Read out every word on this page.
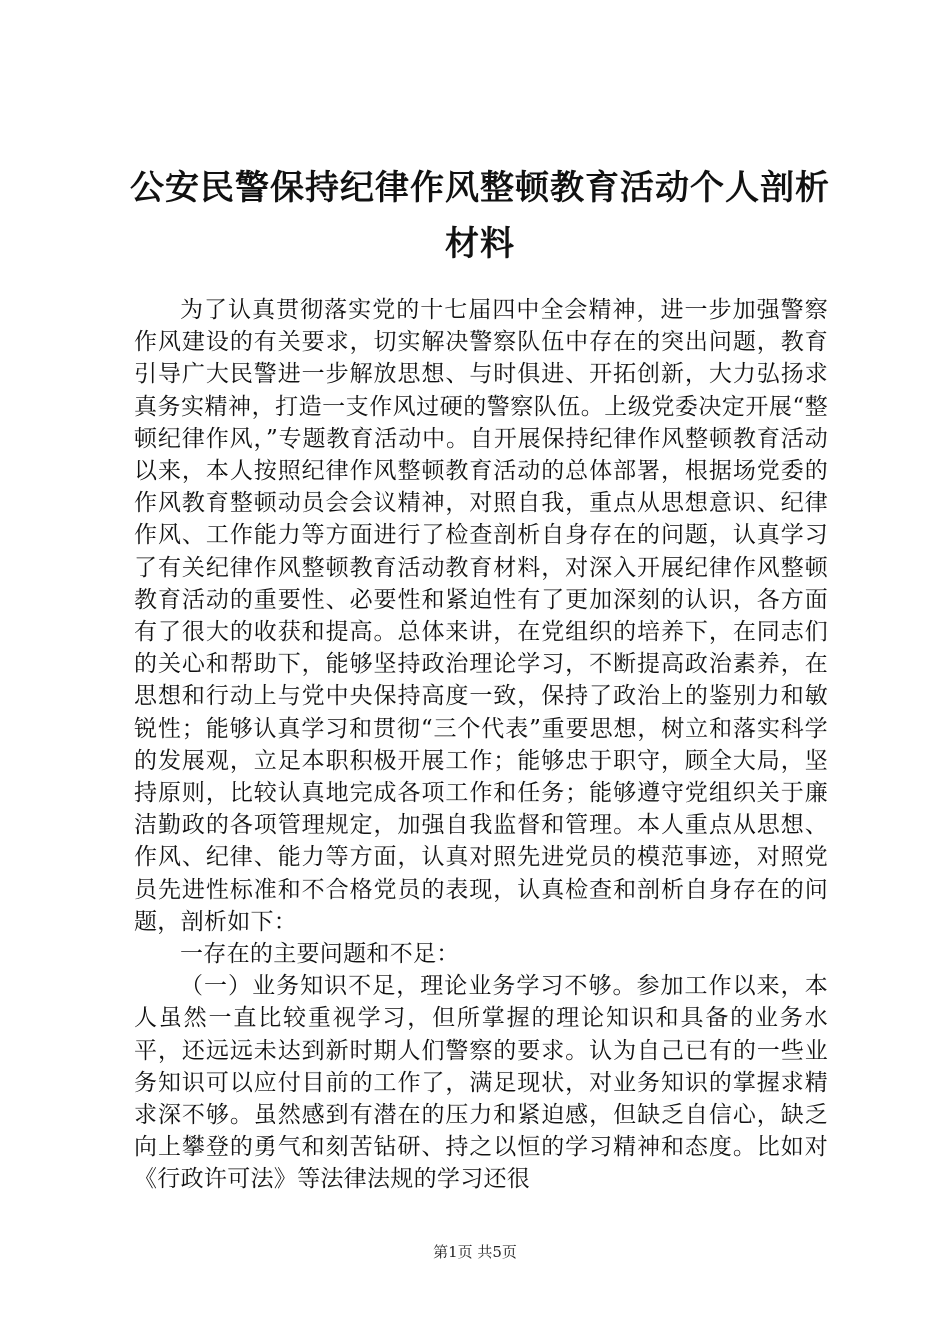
公安民警保持纪律作风整顿教育活动个人剖析
材料

为了认真贯彻落实党的十七届四中全会精神，进一步加强警察作风建设的有关要求，切实解决警察队伍中存在的突出问题，教育引导广大民警进一步解放思想、与时俱进、开拓创新，大力弘扬求真务实精神，打造一支作风过硬的警察队伍。上级党委决定开展“整顿纪律作风，”专题教育活动中。自开展保持纪律作风整顿教育活动以来，本人按照纪律作风整顿教育活动的总体部署，根据场党委的作风教育整顿动员会会议精神，对照自我，重点从思想意识、纪律作风、工作能力等方面进行了检查剖析自身存在的问题，认真学习了有关纪律作风整顿教育活动教育材料，对深入开展纪律作风整顿教育活动的重要性、必要性和紧迫性有了更加深刻的认识，各方面有了很大的收获和提高。总体来讲，在党组织的培养下，在同志们的关心和帮助下，能够坚持政治理论学习，不断提高政治素养，在思想和行动上与党中央保持高度一致，保持了政治上的鉴别力和敏锐性；能够认真学习和贯彻“三个代表”重要思想，树立和落实科学的发展观，立足本职积极开展工作；能够忠于职守，顾全大局，坚持原则，比较认真地完成各项工作和任务；能够遵守党组织关于廉洁勤政的各项管理规定，加强自我监督和管理。本人重点从思想、作风、纪律、能力等方面，认真对照先进党员的模范事迹，对照党员先进性标准和不合格党员的表现，认真检查和剖析自身存在的问题，剖析如下：

一存在的主要问题和不足：

（一）业务知识不足，理论业务学习不够。参加工作以来，本人虽然一直比较重视学习，但所掌握的理论知识和具备的业务水平，还远远未达到新时期人们警察的要求。认为自己已有的一些业务知识可以应付目前的工作了，满足现状，对业务知识的掌握求精求深不够。虽然感到有潜在的压力和紧迫感，但缺乏自信心，缺乏向上攀登的勇气和刻苦钻研、持之以恒的学习精神和态度。比如对《行政许可法》等法律法规的学习还很

第1页 共5页
